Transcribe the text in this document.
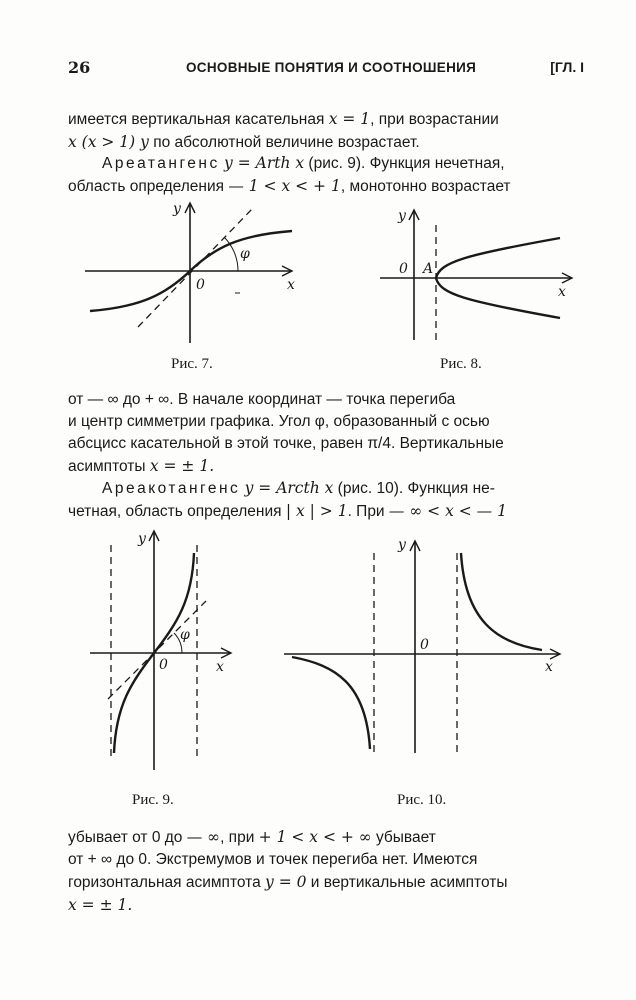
26	ОСНОВНЫЕ ПОНЯТИЯ И СООТНОШЕНИЯ	[ГЛ. I
имеется вертикальная касательная x = 1, при возрастании
x (x > 1) y по абсолютной величине возрастает.
Ареатангенс y = Arth x (рис. 9). Функция нечетная,
область определения — 1 < x < + 1, монотонно возрастает
y
x
0
φ
Рис. 7.
y
x
0 A
Рис. 8.
от — ∞ до + ∞. В начале координат — точка перегиба
и центр симметрии графика. Угол φ, образованный с осью
абсцисс касательной в этой точке, равен π/4. Вертикальные
асимптоты x = ± 1.
Ареакотангенс y = Arcth x (рис. 10). Функция не-
четная, область определения | x | > 1. При — ∞ < x < — 1
y
x
0
φ
Рис. 9.
y
x
0
Рис. 10.
убывает от 0 до — ∞, при + 1 < x < + ∞ убывает
от + ∞ до 0. Экстремумов и точек перегиба нет. Имеются
горизонтальная асимптота y = 0 и вертикальные асимптоты
x = ± 1.
